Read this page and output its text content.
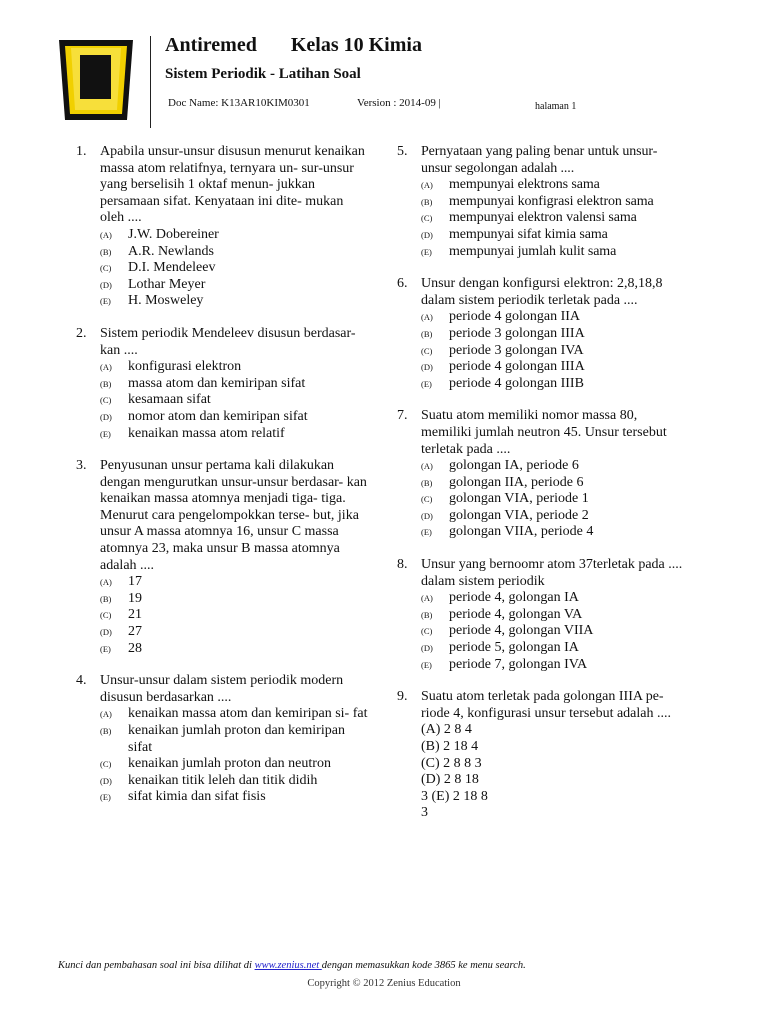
Antiremed Kelas 10 Kimia
Sistem Periodik - Latihan Soal
Doc Name: K13AR10KIM0301	Version : 2014-09 |	halaman 1
1. Apabila unsur-unsur disusun menurut kenaikan massa atom relatifnya, ternyara un- sur-unsur yang berselisih 1 oktaf menun- jukkan persamaan sifat. Kenyataan ini dite- mukan oleh ....
(A) J.W. Dobereiner
(B) A.R. Newlands
(C) D.I. Mendeleev
(D) Lothar Meyer
(E) H. Mosweley
2. Sistem periodik Mendeleev disusun berdasar- kan ....
(A) konfigurasi elektron
(B) massa atom dan kemiripan sifat
(C) kesamaan sifat
(D) nomor atom dan kemiripan sifat
(E) kenaikan massa atom relatif
3. Penyusunan unsur pertama kali dilakukan dengan mengurutkan unsur-unsur berdasar- kan kenaikan massa atomnya menjadi tiga- tiga. Menurut cara pengelompokkan terse- but, jika unsur A massa atomnya 16, unsur C massa atomnya 23, maka unsur B massa atomnya adalah ....
(A) 17
(B) 19
(C) 21
(D) 27
(E) 28
4. Unsur-unsur dalam sistem periodik modern disusun berdasarkan ....
(A) kenaikan massa atom dan kemiripan si- fat
(B) kenaikan jumlah proton dan kemiripan sifat
(C) kenaikan jumlah proton dan neutron
(D) kenaikan titik leleh dan titik didih
(E) sifat kimia dan sifat fisis
5. Pernyataan yang paling benar untuk unsur- unsur segolongan adalah ....
(A) mempunyai elektrons sama
(B) mempunyai konfigrasi elektron sama
(C) mempunyai elektron valensi sama
(D) mempunyai sifat kimia sama
(E) mempunyai jumlah kulit sama
6. Unsur dengan konfigursi elektron: 2,8,18,8 dalam sistem periodik terletak pada ....
(A) periode 4 golongan IIA
(B) periode 3 golongan IIIA
(C) periode 3 golongan IVA
(D) periode 4 golongan IIIA
(E) periode 4 golongan IIIB
7. Suatu atom memiliki nomor massa 80, memiliki jumlah neutron 45. Unsur tersebut terletak pada ....
(A) golongan IA, periode 6
(B) golongan IIA, periode 6
(C) golongan VIA, periode 1
(D) golongan VIA, periode 2
(E) golongan VIIA, periode 4
8. Unsur yang bernoomr atom 37terletak pada .... dalam sistem periodik
(A) periode 4, golongan IA
(B) periode 4, golongan VA
(C) periode 4, golongan VIIA
(D) periode 5, golongan IA
(E) periode 7, golongan IVA
9. Suatu atom terletak pada golongan IIIA pe- riode 4, konfigurasi unsur tersebut adalah ....
(A) 2 8 4
(B) 2 18 4
(C) 2 8 8 3
(D) 2 8 18
3 (E) 2 18 8
3
Kunci dan pembahasan soal ini bisa dilihat di www.zenius.net dengan memasukkan kode 3865 ke menu search.
Copyright © 2012 Zenius Education
